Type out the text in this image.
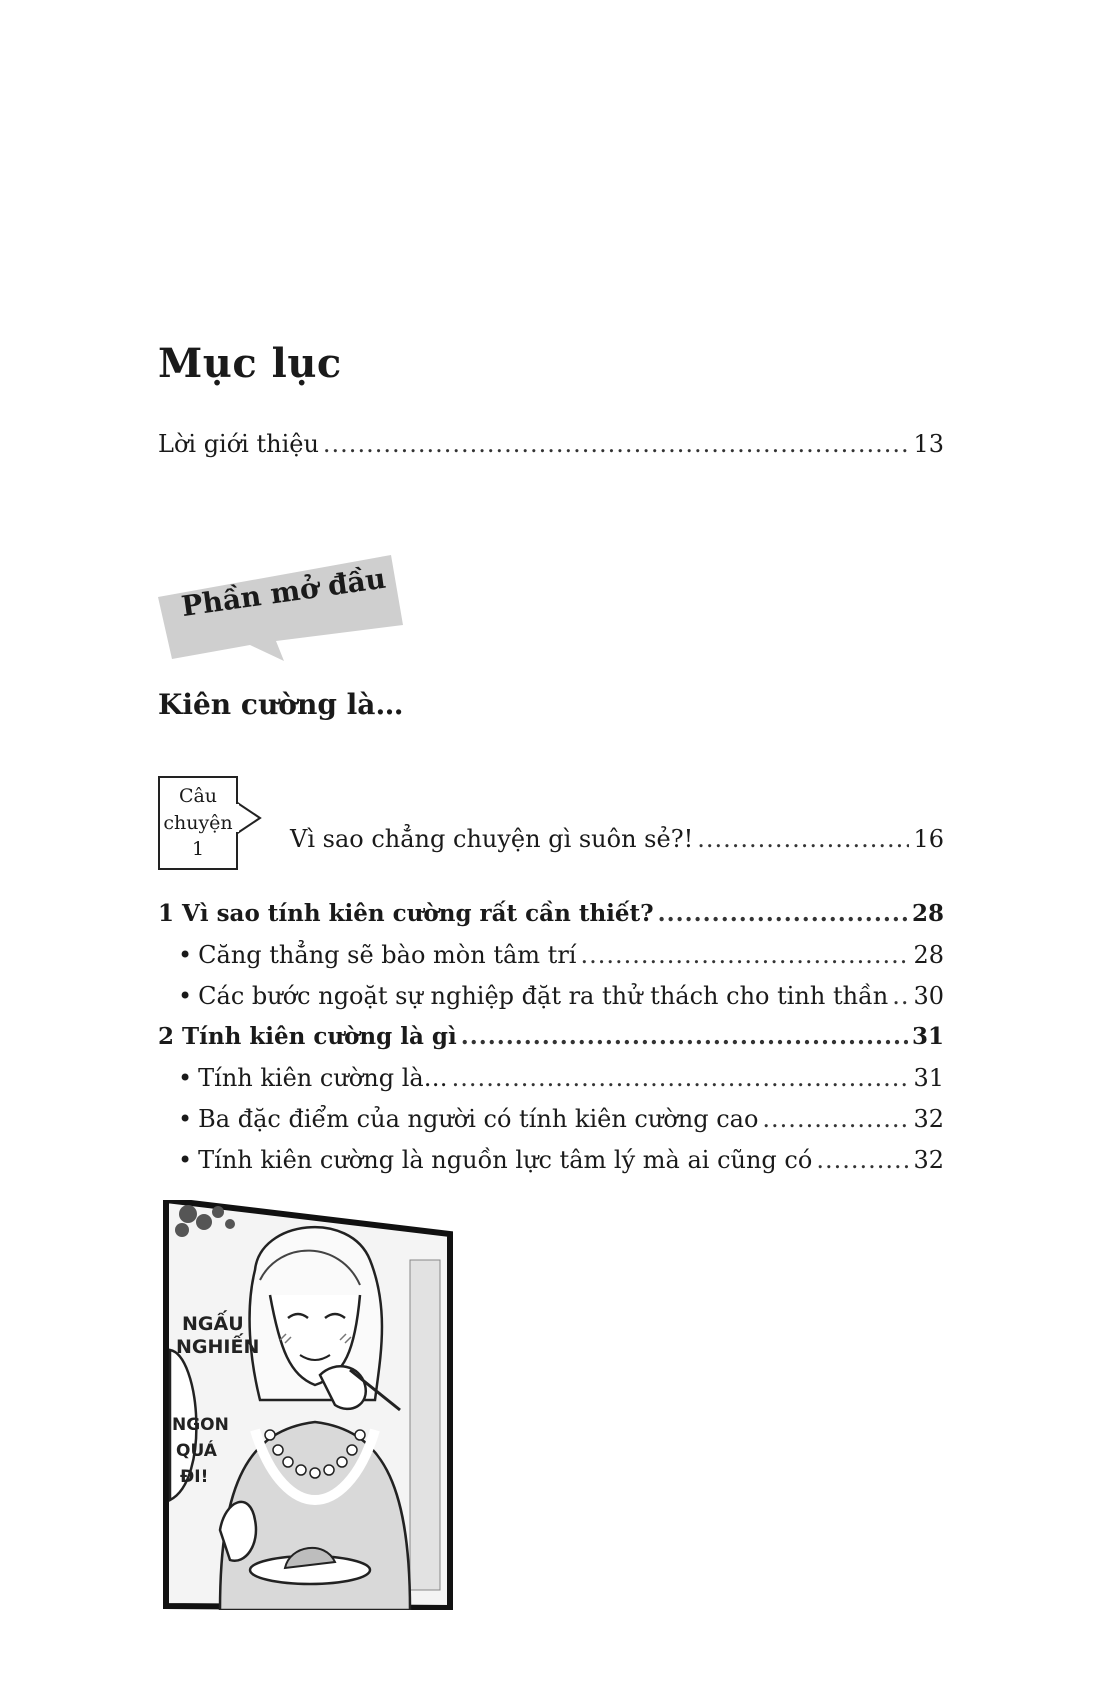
Mục lục
Lời giới thiệu .....	13
Phần mở đầu
Kiên cường là…
Câu
chuyện
1	Vì sao chẳng chuyện gì suôn sẻ?! .....	16
1 Vì sao tính kiên cường rất cần thiết? .....	28
• Căng thẳng sẽ bào mòn tâm trí .....	28
• Các bước ngoặt sự nghiệp đặt ra thử thách cho tinh thần ..... 30
2 Tính kiên cường là gì .....	31
• Tính kiên cường là… .....	31
• Ba đặc điểm của người có tính kiên cường cao .....	32
• Tính kiên cường là nguồn lực tâm lý mà ai cũng có .....	32
NGẤU
NGHIẾN
NGON
QUÁ
ĐI!
